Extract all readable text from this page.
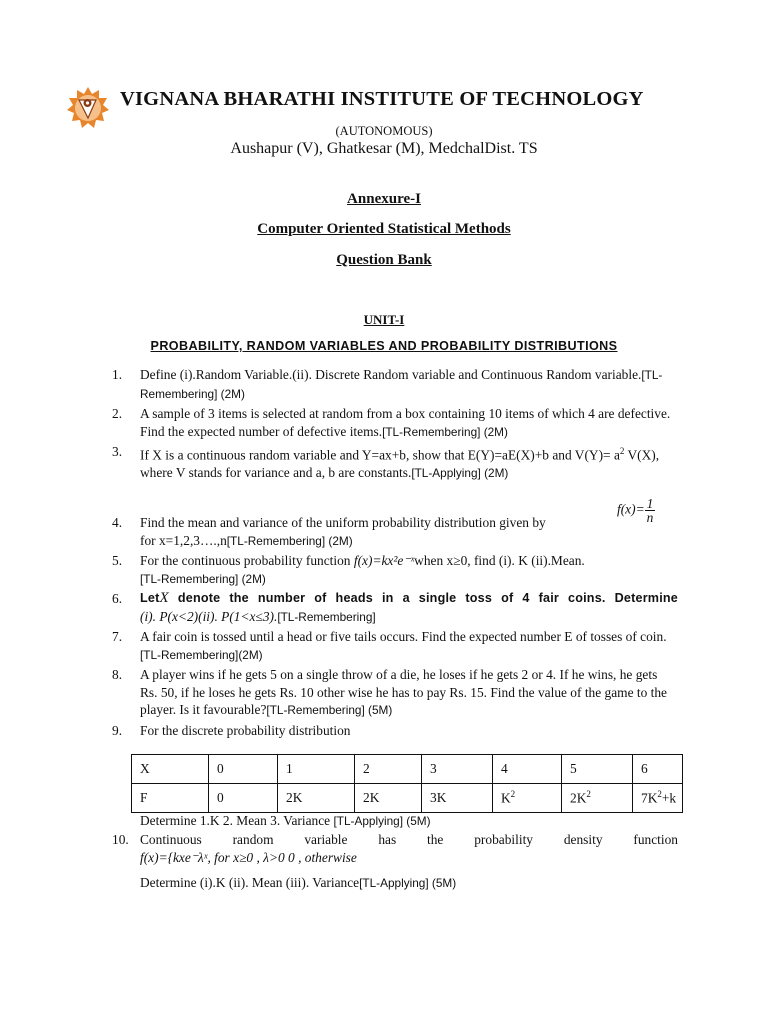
VIGNANA BHARATHI INSTITUTE OF TECHNOLOGY
(AUTONOMOUS)
Aushapur (V), Ghatkesar (M), MedchalDist. TS
Annexure-I
Computer Oriented Statistical Methods
Question Bank
UNIT-I
PROBABILITY, RANDOM VARIABLES AND PROBABILITY DISTRIBUTIONS
$f(x)= \frac{1}{n}$
1.	Define (i).Random Variable.(ii). Discrete Random variable and Continuous Random variable.[TL-Remembering] (2M)
2.	A sample of 3 items is selected at random from a box containing 10 items of which 4 are defective. Find the expected number of defective items.[TL-Remembering] (2M)
3.	If X is a continuous random variable and Y=ax+b, show that E(Y)=aE(X)+b and $V(Y)= a^2$ V(X), where V stands for variance and a, b are constants.[TL-Applying] (2M)
4.	Find the mean and variance of the uniform probability distribution given by
for x=1,2,3….,n[TL-Remembering] (2M)
5.	For the continuous probability function f(x)=kx²e⁻ˣwhen x≥0, find (i). K (ii).Mean.
[TL-Remembering] (2M)
6.	LetX denote the number of heads in a single toss of 4 fair coins. Determine
(i). P(x<2)(ii). P(1<x≤3).[TL-Remembering]
7.	A fair coin is tossed until a head or five tails occurs. Find the expected number E of tosses of coin.[TL-Remembering](2M)
8.	A player wins if he gets 5 on a single throw of a die, he loses if he gets 2 or 4. If he wins, he gets Rs. 50, if he loses he gets Rs. 10 other wise he has to pay Rs. 15. Find the value of the game to the player. Is it favourable?[TL-Remembering] (5M)
9.	For the discrete probability distribution
X	0	1	2	3	4	5	6
F	0	2K	2K	3K	$K^2$	$2K^2$	$7K^2+k$
Determine 1.K 2. Mean 3. Variance [TL-Applying] (5M)
10. Continuous random variable has the probability density function
f(x)={kxe⁻λˣ, for x≥0 , λ>0 0 , otherwise
Determine (i).K (ii). Mean (iii). Variance[TL-Applying] (5M)
